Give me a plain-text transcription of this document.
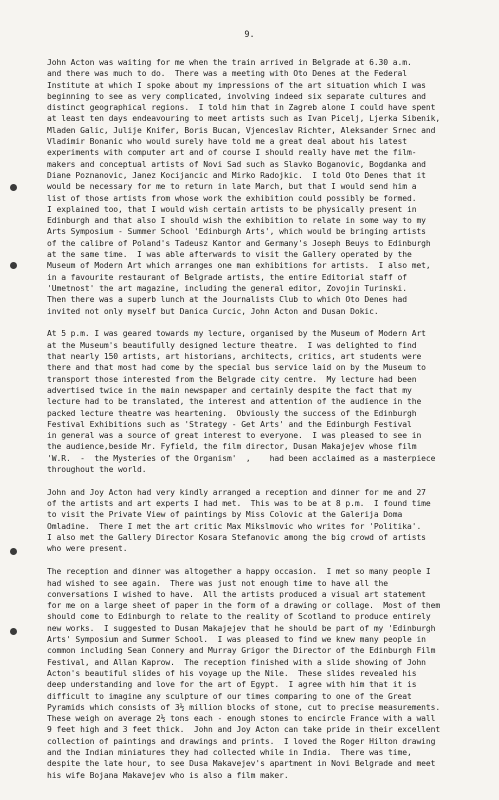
9.

John Acton was waiting for me when the train arrived in Belgrade at 6.30 a.m.
and there was much to do.  There was a meeting with Oto Denes at the Federal
Institute at which I spoke about my impressions of the art situation which I was
beginning to see as very complicated, involving indeed six separate cultures and
distinct geographical regions.  I told him that in Zagreb alone I could have spent
at least ten days endeavouring to meet artists such as Ivan Picelj, Ljerka Sibenik,
Mladen Galic, Julije Knifer, Boris Bucan, Vjenceslav Richter, Aleksander Srnec and
Vladimir Bonanic who would surely have told me a great deal about his latest
experiments with computer art and of course I should really have met the film-
makers and conceptual artists of Novi Sad such as Slavko Boganovic, Bogdanka and
Diane Poznanovic, Janez Kocijancic and Mirko Radojkic.  I told Oto Denes that it
would be necessary for me to return in late March, but that I would send him a
list of those artists from whose work the exhibition could possibly be formed.
I explained too, that I would wish certain artists to be physically present in
Edinburgh and that also I should wish the exhibition to relate in some way to my
Arts Symposium - Summer School 'Edinburgh Arts', which would be bringing artists
of the calibre of Poland's Tadeusz Kantor and Germany's Joseph Beuys to Edinburgh
at the same time.  I was able afterwards to visit the Gallery operated by the
Museum of Modern Art which arranges one man exhibitions for artists.  I also met,
in a favourite restaurant of Belgrade artists, the entire Editorial staff of
'Umetnost' the art magazine, including the general editor, Zovojin Turinski.
Then there was a superb lunch at the Journalists Club to which Oto Denes had
invited not only myself but Danica Curcic, John Acton and Dusan Dokic.

At 5 p.m. I was geared towards my lecture, organised by the Museum of Modern Art
at the Museum's beautifully designed lecture theatre.  I was delighted to find
that nearly 150 artists, art historians, architects, critics, art students were
there and that most had come by the special bus service laid on by the Museum to
transport those interested from the Belgrade city centre.  My lecture had been
advertised twice in the main newspaper and certainly despite the fact that my
lecture had to be translated, the interest and attention of the audience in the
packed lecture theatre was heartening.  Obviously the success of the Edinburgh
Festival Exhibitions such as 'Strategy - Get Arts' and the Edinburgh Festival
in general was a source of great interest to everyone.  I was pleased to see in
the audience,beside Mr. Fyfield, the film director, Dusan Makajejev whose film
'W.R.  -  the Mysteries of the Organism'  ,    had been acclaimed as a masterpiece
throughout the world.

John and Joy Acton had very kindly arranged a reception and dinner for me and 27
of the artists and art experts I had met.  This was to be at 8 p.m.  I found time
to visit the Private View of paintings by Miss Colovic at the Galerija Doma
Omladine.  There I met the art critic Max Mikslmovic who writes for 'Politika'.
I also met the Gallery Director Kosara Stefanovic among the big crowd of artists
who were present.

The reception and dinner was altogether a happy occasion.  I met so many people I
had wished to see again.  There was just not enough time to have all the
conversations I wished to have.  All the artists produced a visual art statement
for me on a large sheet of paper in the form of a drawing or collage.  Most of them
should come to Edinburgh to relate to the reality of Scotland to produce entirely
new works.  I suggested to Dusan Makajejev that he should be part of my 'Edinburgh
Arts' Symposium and Summer School.  I was pleased to find we knew many people in
common including Sean Connery and Murray Grigor the Director of the Edinburgh Film
Festival, and Allan Kaprow.  The reception finished with a slide showing of John
Acton's beautiful slides of his voyage up the Nile.  These slides revealed his
deep understanding and love for the art of Egypt.  I agree with him that it is
difficult to imagine any sculpture of our times comparing to one of the Great
Pyramids which consists of 3½ million blocks of stone, cut to precise measurements.
These weigh on average 2½ tons each - enough stones to encircle France with a wall
9 feet high and 3 feet thick.  John and Joy Acton can take pride in their excellent
collection of paintings and drawings and prints.  I loved the Roger Hilton drawing
and the Indian miniatures they had collected while in India.  There was time,
despite the late hour, to see Dusa Makavejev's apartment in Novi Belgrade and meet
his wife Bojana Makavejev who is also a film maker.
